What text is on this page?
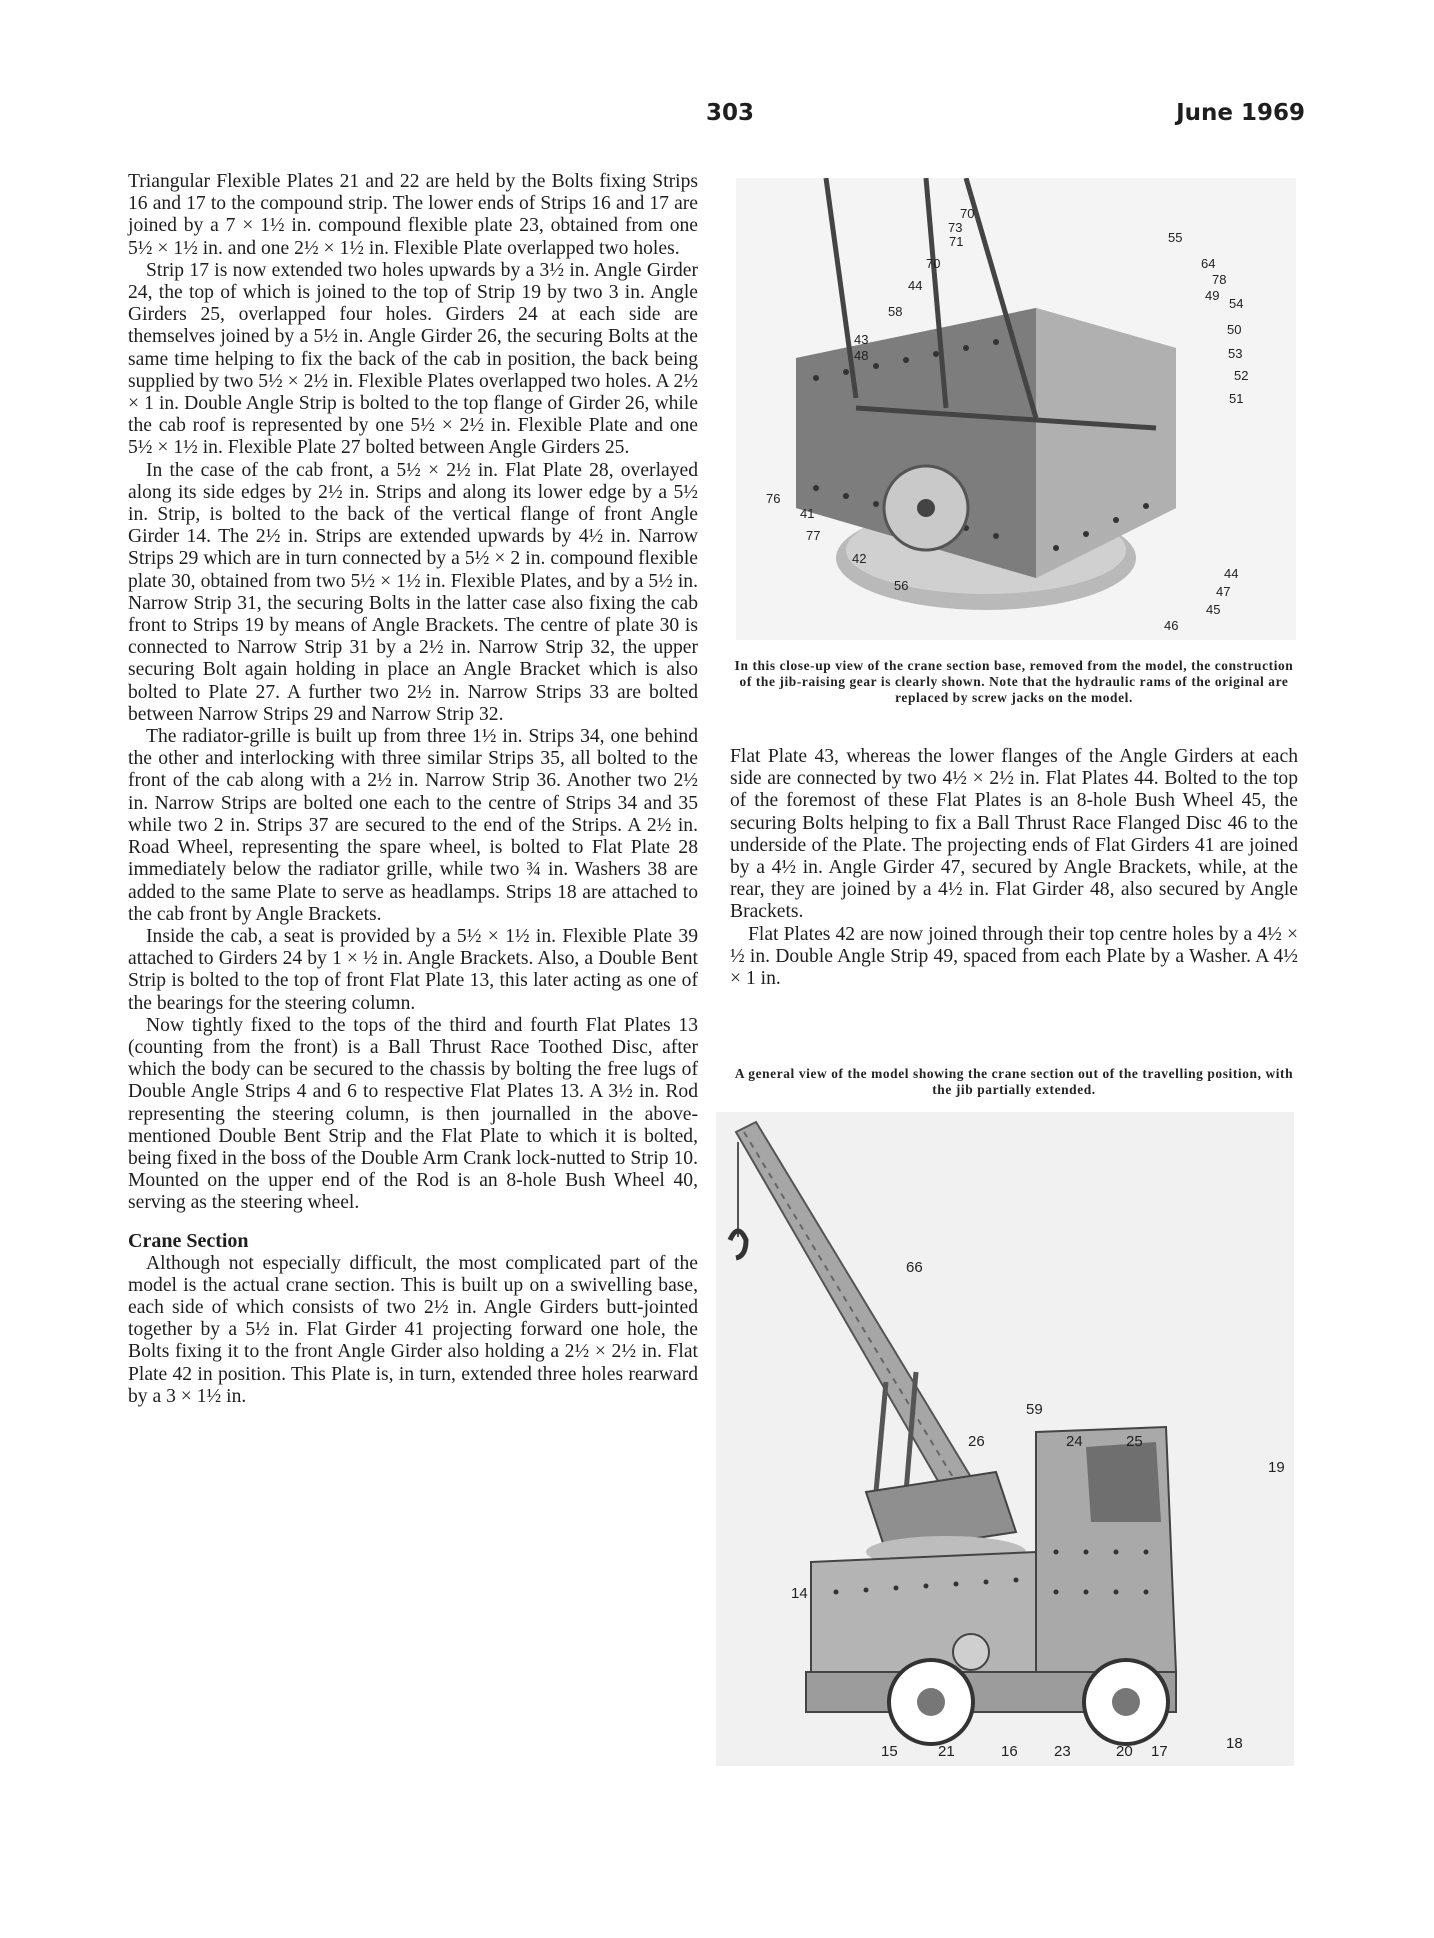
303	June 1969

Triangular Flexible Plates 21 and 22 are held by the Bolts fixing Strips 16 and 17 to the compound strip. The lower ends of Strips 16 and 17 are joined by a 7 × 1½ in. compound flexible plate 23, obtained from one 5½ × 1½ in. and one 2½ × 1½ in. Flexible Plate overlapped two holes.

Strip 17 is now extended two holes upwards by a 3½ in. Angle Girder 24, the top of which is joined to the top of Strip 19 by two 3 in. Angle Girders 25, overlapped four holes. Girders 24 at each side are themselves joined by a 5½ in. Angle Girder 26, the securing Bolts at the same time helping to fix the back of the cab in position, the back being supplied by two 5½ × 2½ in. Flexible Plates overlapped two holes. A 2½ × 1 in. Double Angle Strip is bolted to the top flange of Girder 26, while the cab roof is represented by one 5½ × 2½ in. Flexible Plate and one 5½ × 1½ in. Flexible Plate 27 bolted between Angle Girders 25.

In the case of the cab front, a 5½ × 2½ in. Flat Plate 28, overlayed along its side edges by 2½ in. Strips and along its lower edge by a 5½ in. Strip, is bolted to the back of the vertical flange of front Angle Girder 14. The 2½ in. Strips are extended upwards by 4½ in. Narrow Strips 29 which are in turn connected by a 5½ × 2 in. compound flexible plate 30, obtained from two 5½ × 1½ in. Flexible Plates, and by a 5½ in. Narrow Strip 31, the securing Bolts in the latter case also fixing the cab front to Strips 19 by means of Angle Brackets. The centre of plate 30 is connected to Narrow Strip 31 by a 2½ in. Narrow Strip 32, the upper securing Bolt again holding in place an Angle Bracket which is also bolted to Plate 27. A further two 2½ in. Narrow Strips 33 are bolted between Narrow Strips 29 and Narrow Strip 32.

The radiator-grille is built up from three 1½ in. Strips 34, one behind the other and interlocking with three similar Strips 35, all bolted to the front of the cab along with a 2½ in. Narrow Strip 36. Another two 2½ in. Narrow Strips are bolted one each to the centre of Strips 34 and 35 while two 2 in. Strips 37 are secured to the end of the Strips. A 2½ in. Road Wheel, representing the spare wheel, is bolted to Flat Plate 28 immediately below the radiator grille, while two ¾ in. Washers 38 are added to the same Plate to serve as headlamps. Strips 18 are attached to the cab front by Angle Brackets.

Inside the cab, a seat is provided by a 5½ × 1½ in. Flexible Plate 39 attached to Girders 24 by 1 × ½ in. Angle Brackets. Also, a Double Bent Strip is bolted to the top of front Flat Plate 13, this later acting as one of the bearings for the steering column.

Now tightly fixed to the tops of the third and fourth Flat Plates 13 (counting from the front) is a Ball Thrust Race Toothed Disc, after which the body can be secured to the chassis by bolting the free lugs of Double Angle Strips 4 and 6 to respective Flat Plates 13. A 3½ in. Rod representing the steering column, is then journalled in the above-mentioned Double Bent Strip and the Flat Plate to which it is bolted, being fixed in the boss of the Double Arm Crank lock-nutted to Strip 10. Mounted on the upper end of the Rod is an 8-hole Bush Wheel 40, serving as the steering wheel.

Crane Section

Although not especially difficult, the most complicated part of the model is the actual crane section. This is built up on a swivelling base, each side of which consists of two 2½ in. Angle Girders butt-jointed together by a 5½ in. Flat Girder 41 projecting forward one hole, the Bolts fixing it to the front Angle Girder also holding a 2½ × 2½ in. Flat Plate 42 in position. This Plate is, in turn, extended three holes rearward by a 3 × 1½ in.

70
73
71
70
44
58
43
48
55
64
78
49
54
50
53
52
51
76
41
77
42
56
44
47
45
46
In this close-up view of the crane section base, removed from the model, the construction of the jib-raising gear is clearly shown. Note that the hydraulic rams of the original are replaced by screw jacks on the model.

Flat Plate 43, whereas the lower flanges of the Angle Girders at each side are connected by two 4½ × 2½ in. Flat Plates 44. Bolted to the top of the foremost of these Flat Plates is an 8-hole Bush Wheel 45, the securing Bolts helping to fix a Ball Thrust Race Flanged Disc 46 to the underside of the Plate. The projecting ends of Flat Girders 41 are joined by a 4½ in. Angle Girder 47, secured by Angle Brackets, while, at the rear, they are joined by a 4½ in. Flat Girder 48, also secured by Angle Brackets.

Flat Plates 42 are now joined through their top centre holes by a 4½ × ½ in. Double Angle Strip 49, spaced from each Plate by a Washer. A 4½ × 1 in.

A general view of the model showing the crane section out of the travelling position, with the jib partially extended.
66
59
26	24	25
19
14
15	21	16 23	20 17	18
